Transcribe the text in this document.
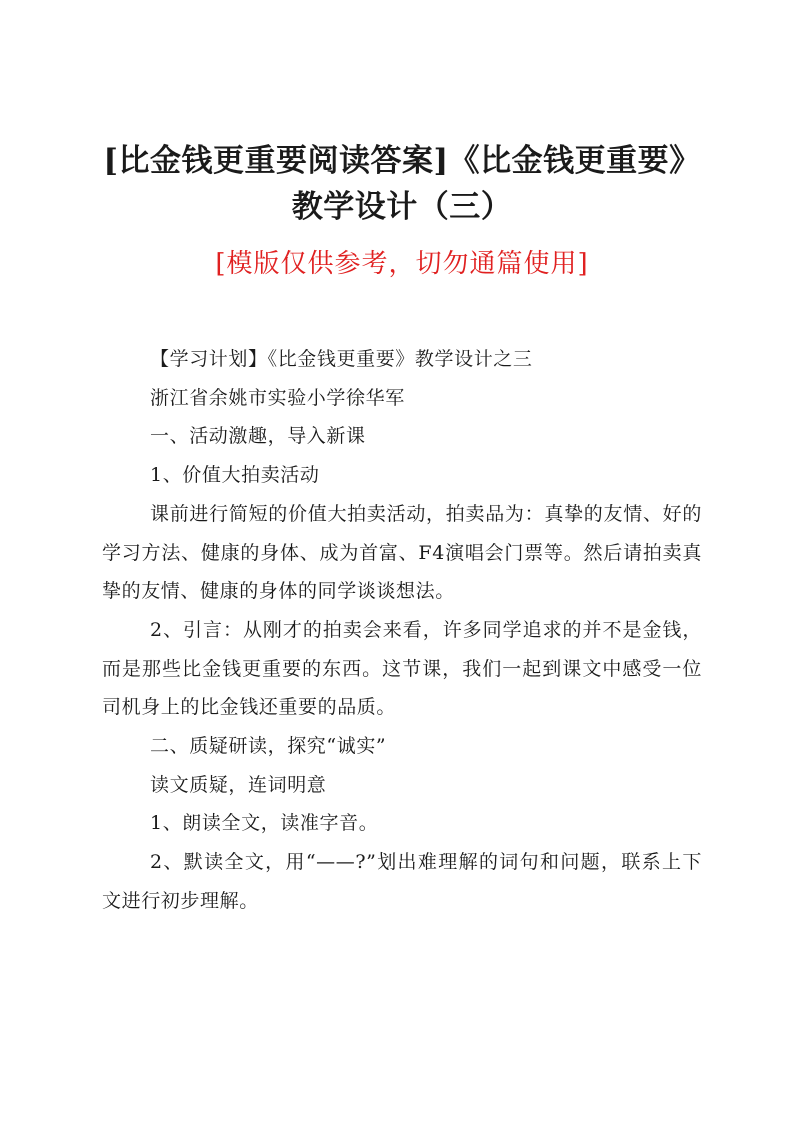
[比金钱更重要阅读答案]《比金钱更重要》教学设计（三）
[模版仅供参考，切勿通篇使用]

【学习计划】《比金钱更重要》教学设计之三

浙江省余姚市实验小学徐华军

一、活动激趣，导入新课

1、价值大拍卖活动

课前进行简短的价值大拍卖活动，拍卖品为：真挚的友情、好的学习方法、健康的身体、成为首富、F4演唱会门票等。然后请拍卖真挚的友情、健康的身体的同学谈谈想法。

2、引言：从刚才的拍卖会来看，许多同学追求的并不是金钱，而是那些比金钱更重要的东西。这节课，我们一起到课文中感受一位司机身上的比金钱还重要的品质。

二、质疑研读，探究“诚实”

读文质疑，连词明意

1、朗读全文，读准字音。

2、默读全文，用“——?”划出难理解的词句和问题，联系上下文进行初步理解。
